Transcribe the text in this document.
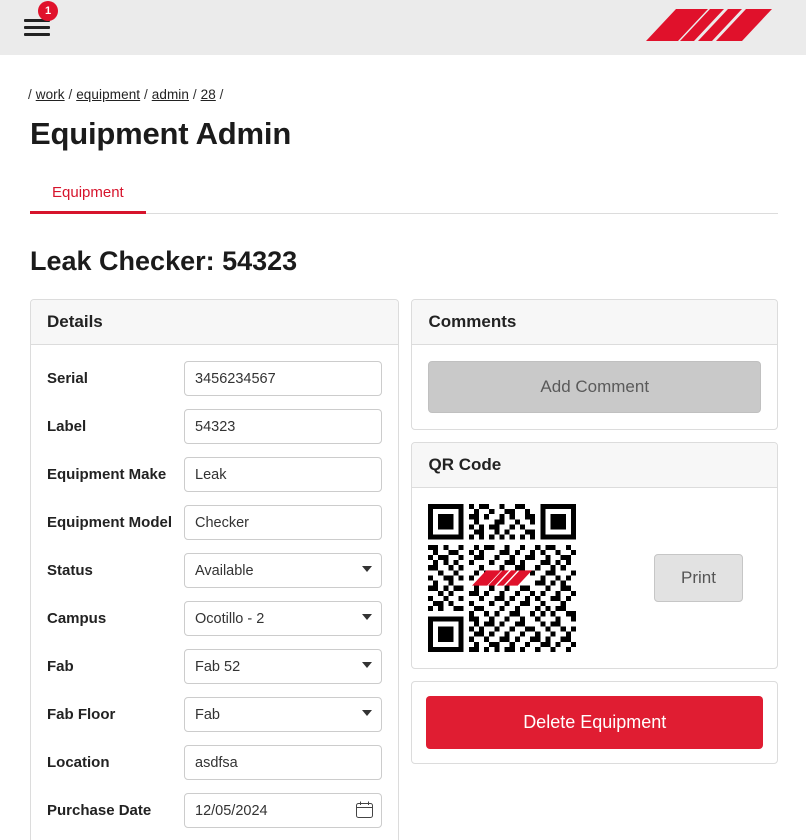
1
/ work / equipment / admin / 28 /
Equipment Admin
Equipment
Leak Checker: 54323
Details
Serial
3456234567
Label
54323
Equipment Make
Leak
Equipment Model
Checker
Status
Available
Campus
Ocotillo - 2
Fab
Fab 52
Fab Floor
Fab
Location
asdfsa
Purchase Date
12/05/2024
Comments
Add Comment
QR Code
Print
Delete Equipment
